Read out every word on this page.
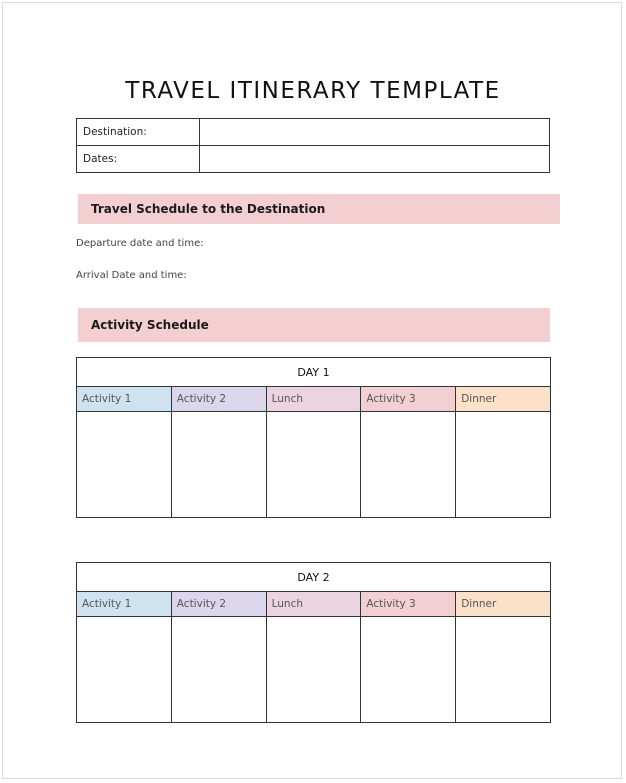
TRAVEL ITINERARY TEMPLATE
Destination:	
Dates:	
Travel Schedule to the Destination
Departure date and time:
Arrival Date and time:
Activity Schedule
DAY 1				
Activity 1	Activity 2	Lunch	Activity 3	Dinner

DAY 2				
Activity 1	Activity 2	Lunch	Activity 3	Dinner
